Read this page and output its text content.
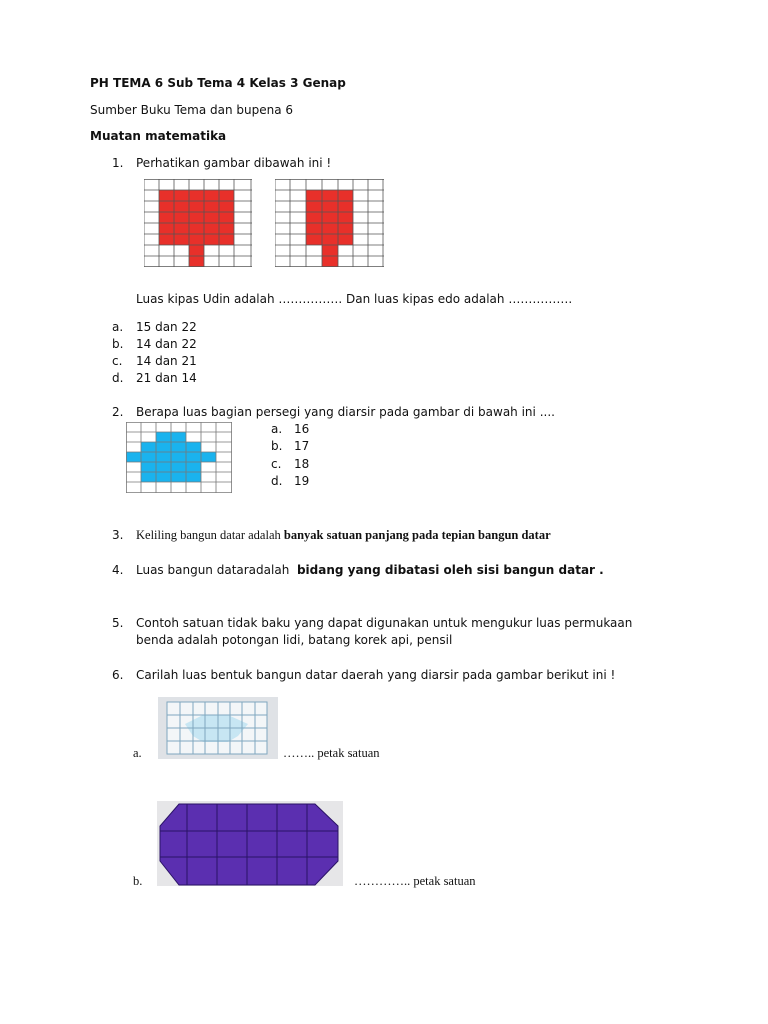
PH TEMA 6 Sub Tema 4 Kelas 3 Genap
Sumber Buku Tema dan bupena 6
Muatan matematika
1. Perhatikan gambar dibawah ini !
Luas kipas Udin adalah ……………. Dan luas kipas edo adalah …………….
a. 15 dan 22
b. 14 dan 22
c. 14 dan 21
d. 21 dan 14
2. Berapa luas bagian persegi yang diarsir pada gambar di bawah ini ....
a. 16
b. 17
c. 18
d. 19
3. Keliling bangun datar adalah banyak satuan panjang pada tepian bangun datar
4. Luas bangun dataradalah  bidang yang dibatasi oleh sisi bangun datar .
5. Contoh satuan tidak baku yang dapat digunakan untuk mengukur luas permukaan
benda adalah potongan lidi, batang korek api, pensil
6. Carilah luas bentuk bangun datar daerah yang diarsir pada gambar berikut ini !
a.	…….. petak satuan
b.	………….. petak satuan
